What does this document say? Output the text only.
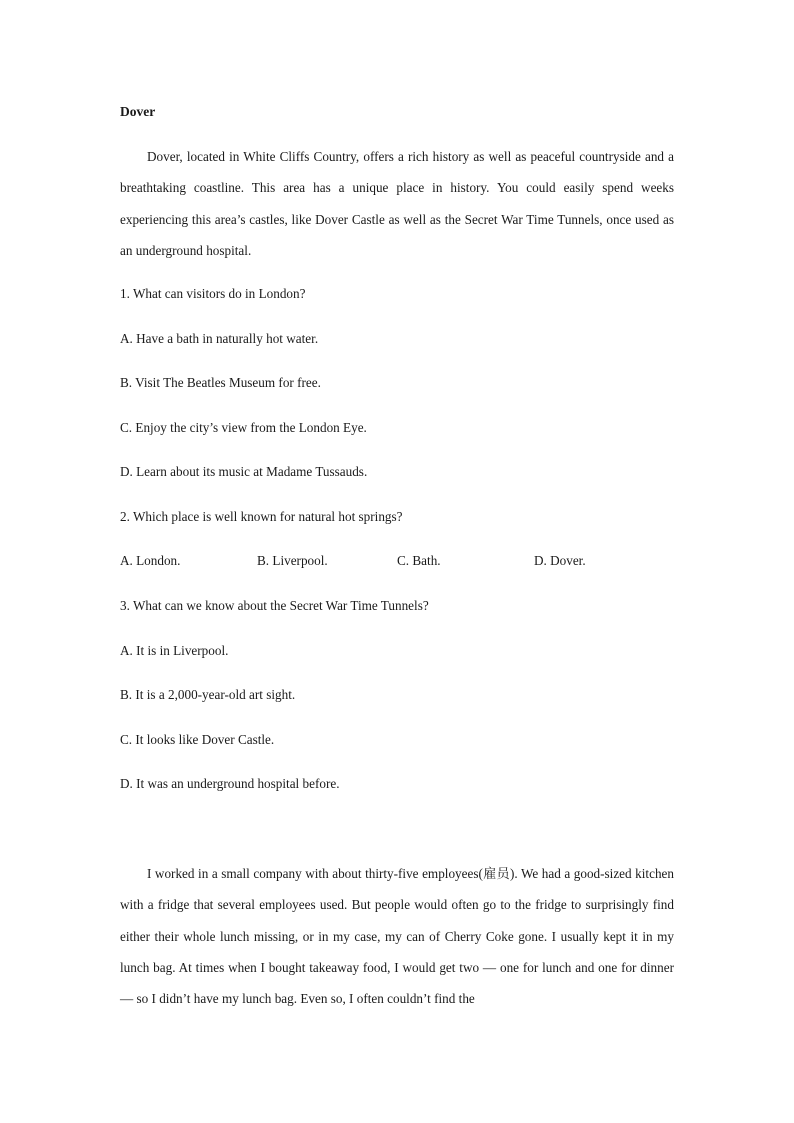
Dover
Dover, located in White Cliffs Country, offers a rich history as well as peaceful countryside and a breathtaking coastline. This area has a unique place in history. You could easily spend weeks experiencing this area’s castles, like Dover Castle as well as the Secret War Time Tunnels, once used as an underground hospital.
1. What can visitors do in London?
A. Have a bath in naturally hot water.
B. Visit The Beatles Museum for free.
C. Enjoy the city’s view from the London Eye.
D. Learn about its music at Madame Tussauds.
2. Which place is well known for natural hot springs?
A. London.	B. Liverpool.	C. Bath.	D. Dover.
3. What can we know about the Secret War Time Tunnels?
A. It is in Liverpool.
B. It is a 2,000-year-old art sight.
C. It looks like Dover Castle.
D. It was an underground hospital before.
I worked in a small company with about thirty-five employees(雇员). We had a good-sized kitchen with a fridge that several employees used. But people would often go to the fridge to surprisingly find either their whole lunch missing, or in my case, my can of Cherry Coke gone. I usually kept it in my lunch bag. At times when I bought takeaway food, I would get two — one for lunch and one for dinner — so I didn’t have my lunch bag. Even so, I often couldn’t find the
